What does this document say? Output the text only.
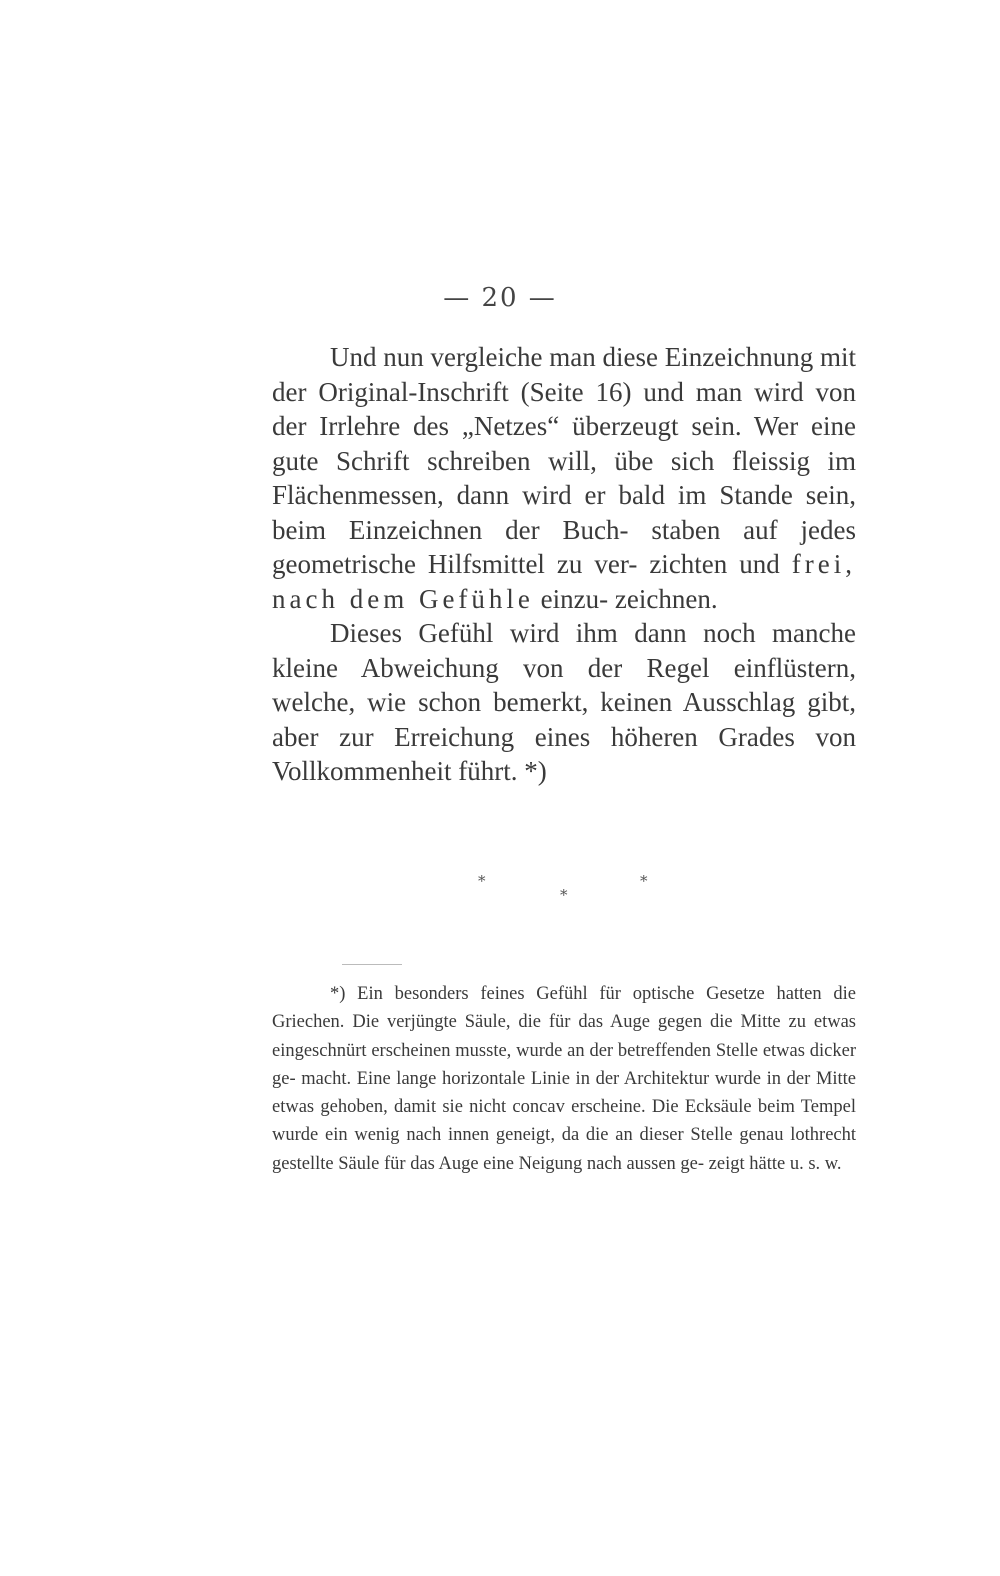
— 20 —

Und nun vergleiche man diese Einzeichnung mit der Original-Inschrift (Seite 16) und man wird von der Irrlehre des „Netzes“ überzeugt sein. Wer eine gute Schrift schreiben will, übe sich fleissig im Flächenmessen, dann wird er bald im Stande sein, beim Einzeichnen der Buch- staben auf jedes geometrische Hilfsmittel zu ver- zichten und frei, nach dem Gefühle einzu- zeichnen.

Dieses Gefühl wird ihm dann noch manche kleine Abweichung von der Regel einflüstern, welche, wie schon bemerkt, keinen Ausschlag gibt, aber zur Erreichung eines höheren Grades von Vollkommenheit führt. *)

*	*
*

*) Ein besonders feines Gefühl für optische Gesetze hatten die Griechen. Die verjüngte Säule, die für das Auge gegen die Mitte zu etwas eingeschnürt erscheinen musste, wurde an der betreffenden Stelle etwas dicker ge- macht. Eine lange horizontale Linie in der Architektur wurde in der Mitte etwas gehoben, damit sie nicht concav erscheine. Die Ecksäule beim Tempel wurde ein wenig nach innen geneigt, da die an dieser Stelle genau lothrecht gestellte Säule für das Auge eine Neigung nach aussen ge- zeigt hätte u. s. w.
